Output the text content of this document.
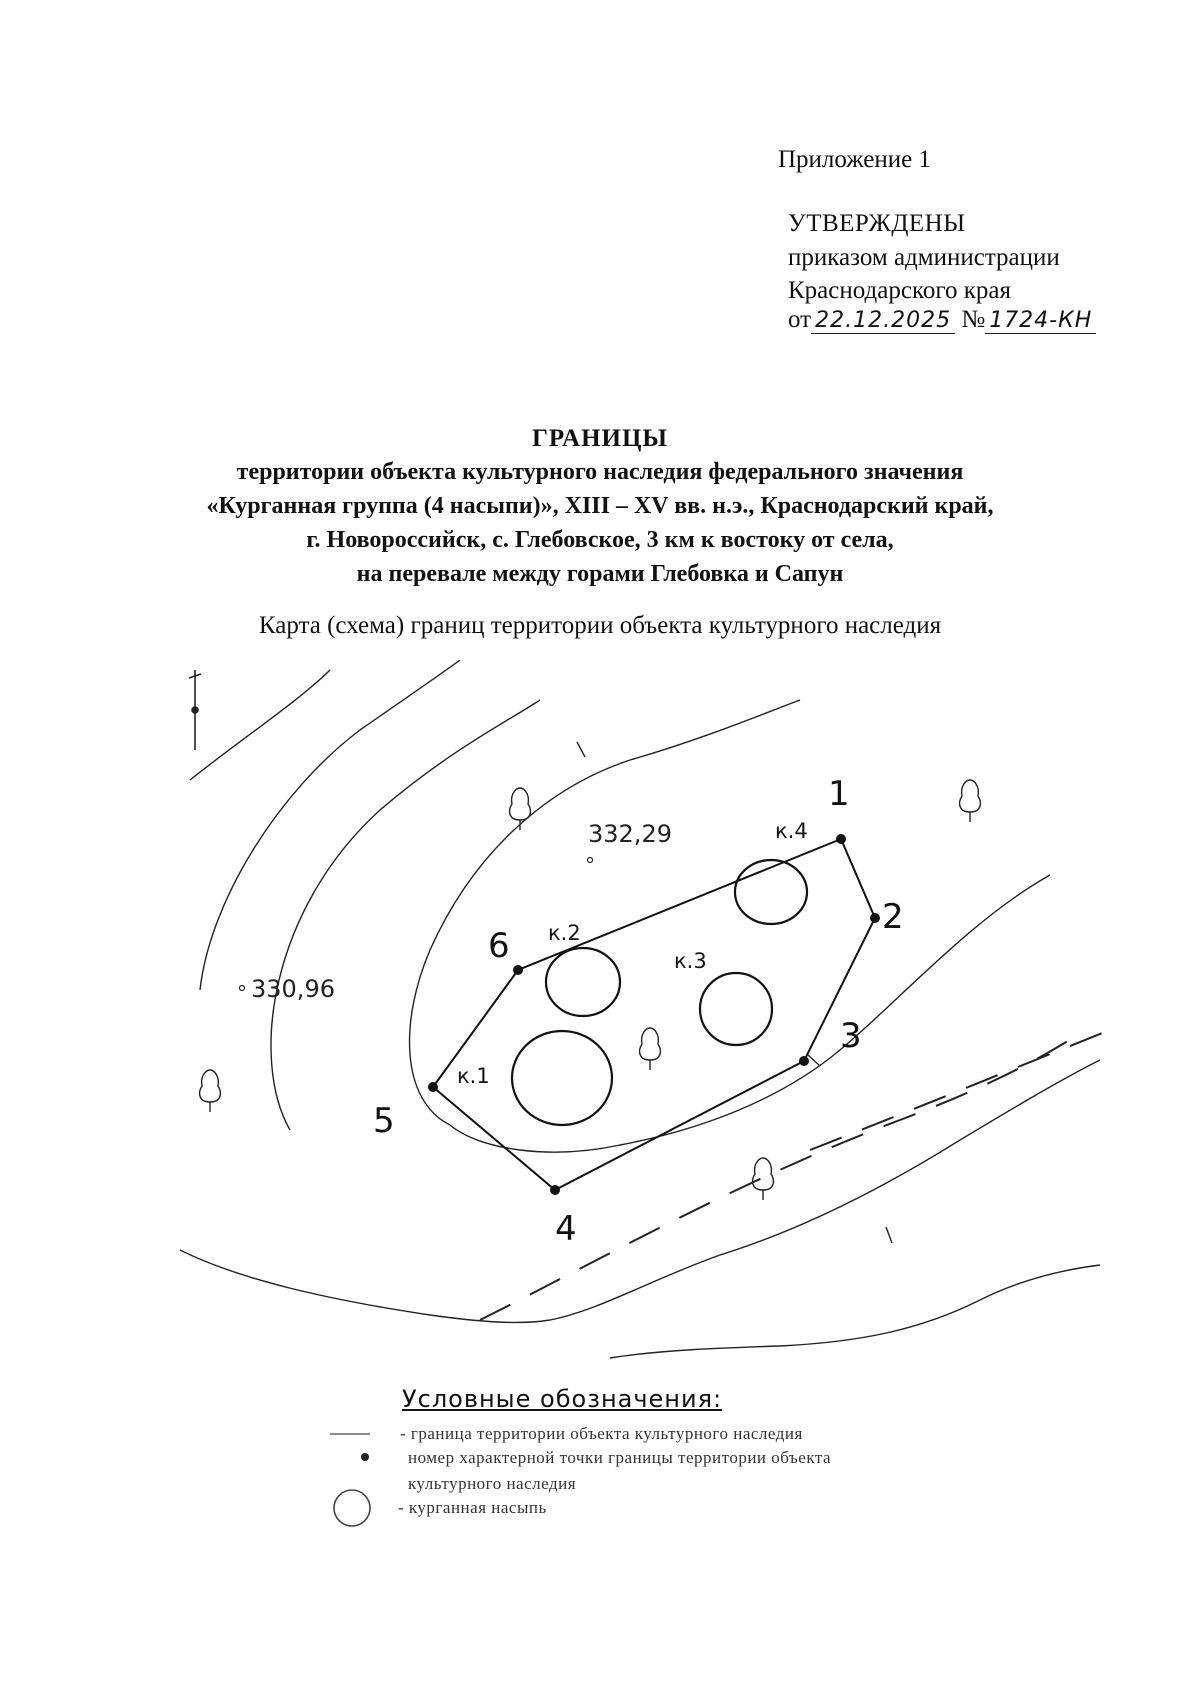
Приложение 1
УТВЕРЖДЕНЫ
приказом администрации
Краснодарского края
от 22.12.2025 № 1724-КН
ГРАНИЦЫ
территории объекта культурного наследия федерального значения
«Курганная группа (4 насыпи)», XIII – XV вв. н.э., Краснодарский край,
г. Новороссийск, с. Глебовское, 3 км к востоку от села,
на перевале между горами Глебовка и Сапун
Карта (схема) границ территории объекта культурного наследия
332,29
330,96
1
2
3
4
5
6
к.1
к.2
к.3
к.4
Условные обозначения:
- граница территории объекта культурного наследия
номер характерной точки границы территории объекта
культурного наследия
- курганная насыпь
